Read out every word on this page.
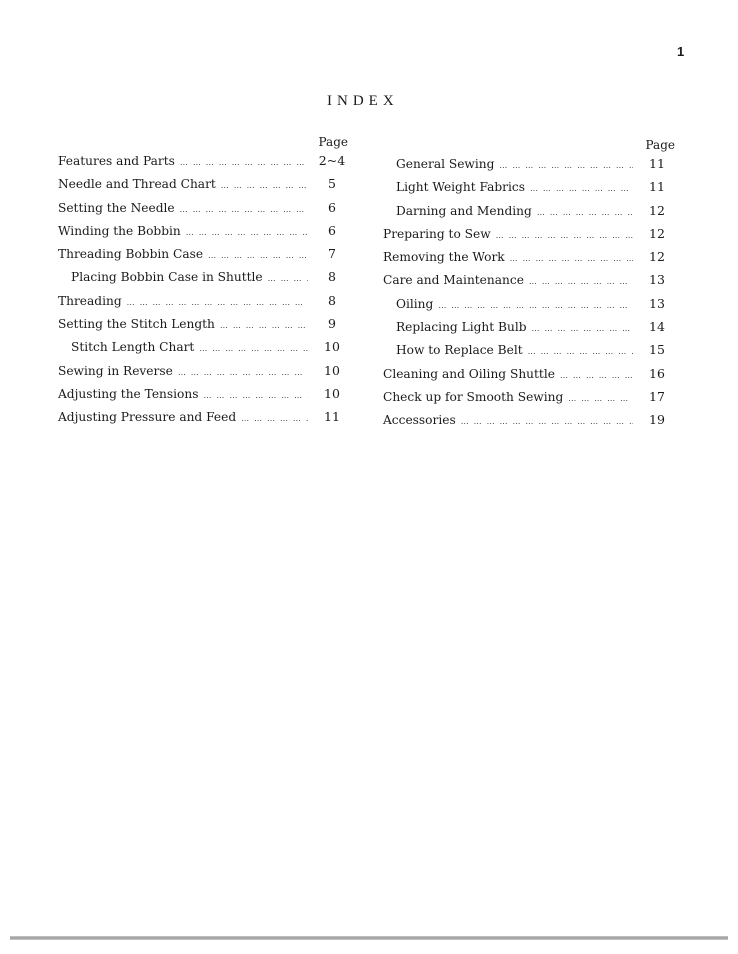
1
INDEX
Page
Features and Parts … … … … … … … … … … … … … … … … … … … … … … … … … … … … … …	2~4
Needle and Thread Chart … … … … … … … … … … … … … … … … … … … … … … … … … … … … … …	5
Setting the Needle … … … … … … … … … … … … … … … … … … … … … … … … … … … … … …	6
Winding the Bobbin … … … … … … … … … … … … … … … … … … … … … … … … … … … … … …	6
Threading Bobbin Case … … … … … … … … … … … … … … … … … … … … … … … … … … … … … …	7
Placing Bobbin Case in Shuttle … … … … … … … … … … … … … … … … … … … … … … … … … … … … … …	8
Threading … … … … … … … … … … … … … … … … … … … … … … … … … … … … … …	8
Setting the Stitch Length … … … … … … … … … … … … … … … … … … … … … … … … … … … … … …	9
Stitch Length Chart … … … … … … … … … … … … … … … … … … … … … … … … … … … … … …	10
Sewing in Reverse … … … … … … … … … … … … … … … … … … … … … … … … … … … … … …	10
Adjusting the Tensions … … … … … … … … … … … … … … … … … … … … … … … … … … … … … …	10
Adjusting Pressure and Feed … … … … … … … … … … … … … … … … … … … … … … … … … … … … … …	11
Page
General Sewing … … … … … … … … … … … … … … … … … … … … … … … … … … … … … …	11
Light Weight Fabrics … … … … … … … … … … … … … … … … … … … … … … … … … … … … … …	11
Darning and Mending … … … … … … … … … … … … … … … … … … … … … … … … … … … … … …	12
Preparing to Sew … … … … … … … … … … … … … … … … … … … … … … … … … … … … … …	12
Removing the Work … … … … … … … … … … … … … … … … … … … … … … … … … … … … … …	12
Care and Maintenance … … … … … … … … … … … … … … … … … … … … … … … … … … … … … …	13
Oiling … … … … … … … … … … … … … … … … … … … … … … … … … … … … … …	13
Replacing Light Bulb … … … … … … … … … … … … … … … … … … … … … … … … … … … … … …	14
How to Replace Belt … … … … … … … … … … … … … … … … … … … … … … … … … … … … … …	15
Cleaning and Oiling Shuttle … … … … … … … … … … … … … … … … … … … … … … … … … … … … … …	16
Check up for Smooth Sewing … … … … … … … … … … … … … … … … … … … … … … … … … … … … … …	17
Accessories … … … … … … … … … … … … … … … … … … … … … … … … … … … … … …	19
